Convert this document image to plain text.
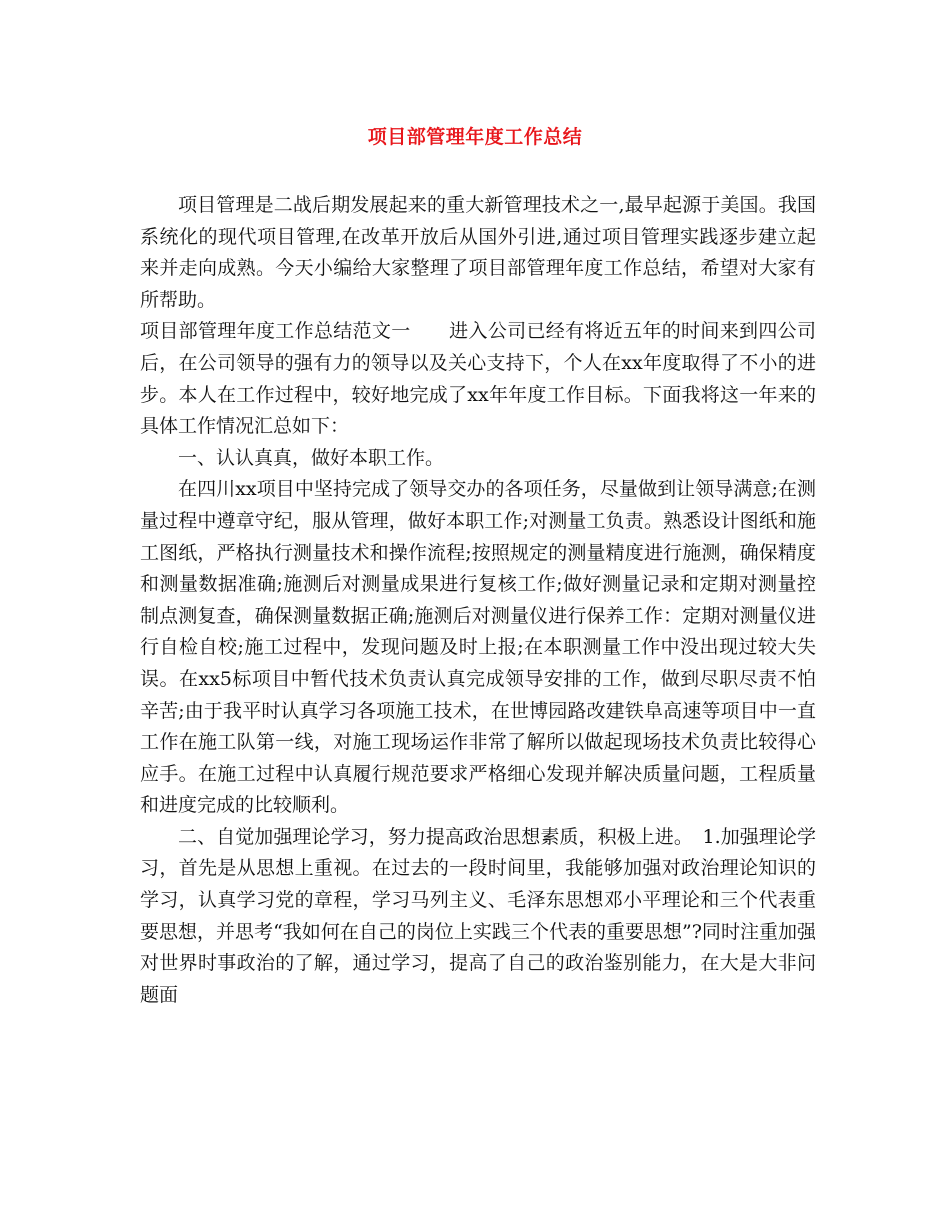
项目部管理年度工作总结

项目管理是二战后期发展起来的重大新管理技术之一,最早起源于美国。我国系统化的现代项目管理,在改革开放后从国外引进,通过项目管理实践逐步建立起来并走向成熟。今天小编给大家整理了项目部管理年度工作总结，希望对大家有所帮助。

项目部管理年度工作总结范文一　　进入公司已经有将近五年的时间来到四公司后，在公司领导的强有力的领导以及关心支持下，个人在xx年度取得了不小的进步。本人在工作过程中，较好地完成了xx年年度工作目标。下面我将这一年来的具体工作情况汇总如下：

一、认认真真，做好本职工作。

在四川xx项目中坚持完成了领导交办的各项任务，尽量做到让领导满意;在测量过程中遵章守纪，服从管理，做好本职工作;对测量工负责。熟悉设计图纸和施工图纸，严格执行测量技术和操作流程;按照规定的测量精度进行施测，确保精度和测量数据准确;施测后对测量成果进行复核工作;做好测量记录和定期对测量控制点测复查，确保测量数据正确;施测后对测量仪进行保养工作：定期对测量仪进行自检自校;施工过程中，发现问题及时上报;在本职测量工作中没出现过较大失误。在xx5标项目中暂代技术负责认真完成领导安排的工作，做到尽职尽责不怕辛苦;由于我平时认真学习各项施工技术，在世博园路改建铁阜高速等项目中一直工作在施工队第一线，对施工现场运作非常了解所以做起现场技术负责比较得心应手。在施工过程中认真履行规范要求严格细心发现并解决质量问题，工程质量和进度完成的比较顺利。

二、自觉加强理论学习，努力提高政治思想素质，积极上进。　1.加强理论学习，首先是从思想上重视。在过去的一段时间里，我能够加强对政治理论知识的学习，认真学习党的章程，学习马列主义、毛泽东思想邓小平理论和三个代表重要思想，并思考“我如何在自己的岗位上实践三个代表的重要思想”?同时注重加强对世界时事政治的了解，通过学习，提高了自己的政治鉴别能力，在大是大非问题面
